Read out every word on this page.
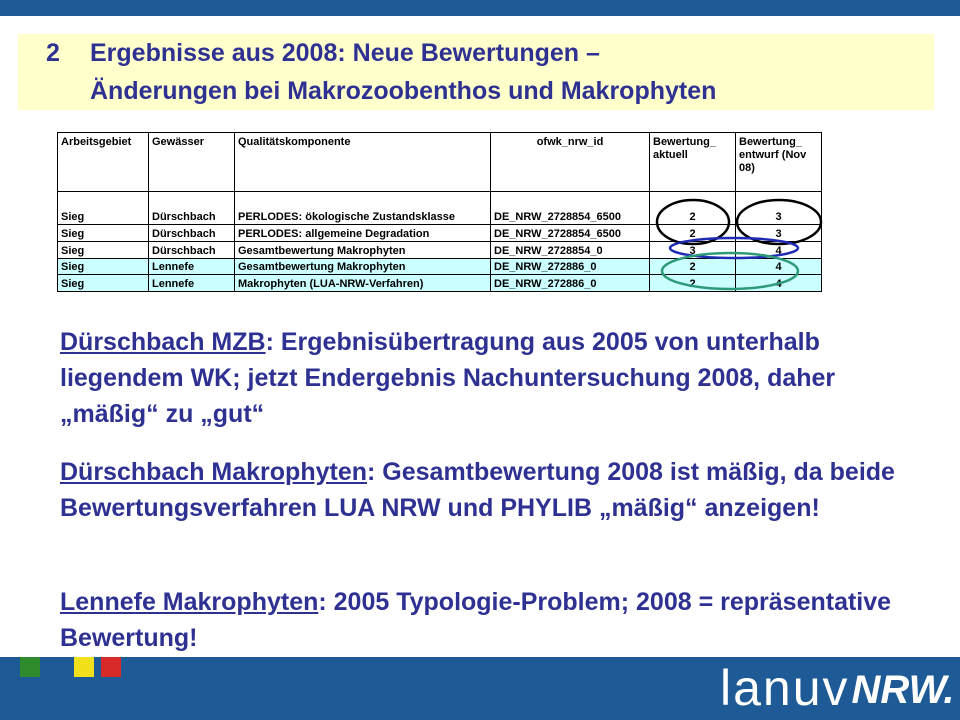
2 Ergebnisse aus 2008: Neue Bewertungen –
Änderungen bei Makrozoobenthos und Makrophyten
Arbeitsgebiet	Gewässer	Qualitätskomponente	ofwk_nrw_id	Bewertung_ aktuell	Bewertung_ entwurf (Nov 08)
Sieg	Dürschbach	PERLODES: ökologische Zustandsklasse	DE_NRW_2728854_6500	2	3
Sieg	Dürschbach	PERLODES: allgemeine Degradation	DE_NRW_2728854_6500	2	3
Sieg	Dürschbach	Gesamtbewertung Makrophyten	DE_NRW_2728854_0	3	4
Sieg	Lennefe	Gesamtbewertung Makrophyten	DE_NRW_272886_0	2	4
Sieg	Lennefe	Makrophyten (LUA-NRW-Verfahren)	DE_NRW_272886_0	2	4
Dürschbach MZB: Ergebnisübertragung aus 2005 von unterhalb liegendem WK; jetzt Endergebnis Nachuntersuchung 2008, daher „mäßig“ zu „gut“
Dürschbach Makrophyten: Gesamtbewertung 2008 ist mäßig, da beide Bewertungsverfahren LUA NRW und PHYLIB „mäßig“ anzeigen!
Lennefe Makrophyten: 2005 Typologie-Problem; 2008 = repräsentative Bewertung!
lanuv NRW.
